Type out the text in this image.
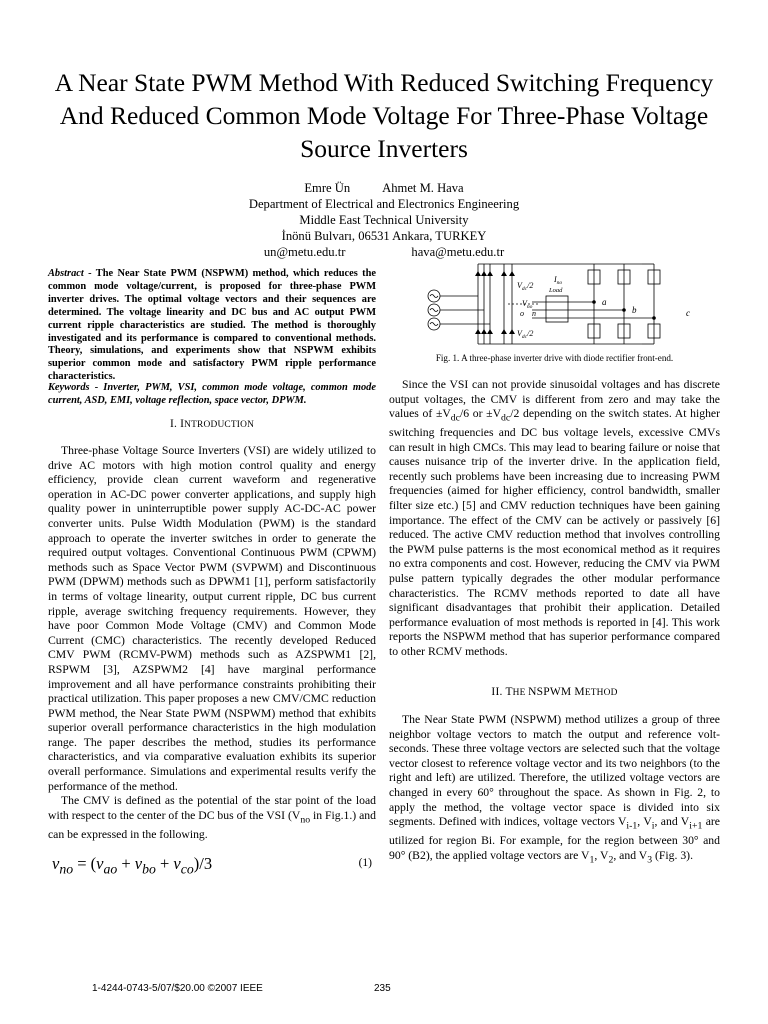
A Near State PWM Method With Reduced Switching Frequency And Reduced Common Mode Voltage For Three-Phase Voltage Source Inverters
Emre Ün	Ahmet M. Hava
Department of Electrical and Electronics Engineering
Middle East Technical University
İnönü Bulvarı, 06531 Ankara, TURKEY
un@metu.edu.tr	hava@metu.edu.tr
Abstract - The Near State PWM (NSPWM) method, which reduces the common mode voltage/current, is proposed for three-phase PWM inverter drives. The optimal voltage vectors and their sequences are determined. The voltage linearity and DC bus and AC output PWM current ripple characteristics are studied. The method is thoroughly investigated and its performance is compared to conventional methods. Theory, simulations, and experiments show that NSPWM exhibits superior common mode and satisfactory PWM ripple performance characteristics.
Keywords - Inverter, PWM, VSI, common mode voltage, common mode current, ASD, EMI, voltage reflection, space vector, DPWM.
I. INTRODUCTION

Three-phase Voltage Source Inverters (VSI) are widely utilized to drive AC motors with high motion control quality and energy efficiency, provide clean current waveform and regenerative operation in AC-DC power converter applications, and supply high quality power in uninterruptible power supply AC-DC-AC power converter units. Pulse Width Modulation (PWM) is the standard approach to operate the inverter switches in order to generate the required output voltages. Conventional Continuous PWM (CPWM) methods such as Space Vector PWM (SVPWM) and Discontinuous PWM (DPWM) methods such as DPWM1 [1], perform satisfactorily in terms of voltage linearity, output current ripple, DC bus current ripple, average switching frequency requirements. However, they have poor Common Mode Voltage (CMV) and Common Mode Current (CMC) characteristics. The recently developed Reduced CMV PWM (RCMV-PWM) methods such as AZSPWM1 [2], RSPWM [3], AZSPWM2 [4] have marginal performance improvement and all have performance constraints prohibiting their practical utilization. This paper proposes a new CMV/CMC reduction PWM method, the Near State PWM (NSPWM) method that exhibits superior overall performance characteristics in the high modulation range. The paper describes the method, studies its performance characteristics, and via comparative evaluation exhibits its superior overall performance. Simulations and experimental results verify the performance of the method.

The CMV is defined as the potential of the star point of the load with respect to the center of the DC bus of the VSI ($V_{no}$ in Fig.1.) and can be expressed in the following.

$v_{no} = (v_{ao} + v_{bo} + v_{co})/3$	(1)
$V_{dc}/2$
$V_{dc}/2$
$I_{no}$
Load
$V_{no}$
o n
a
b	c
Fig. 1. A three-phase inverter drive with diode rectifier front-end.

Since the VSI can not provide sinusoidal voltages and has discrete output voltages, the CMV is different from zero and may take the values of $\pm V_{dc}/6$ or $\pm V_{dc}/2$ depending on the switch states. At higher switching frequencies and DC bus voltage levels, excessive CMVs can result in high CMCs. This may lead to bearing failure or noise that causes nuisance trip of the inverter drive. In the application field, recently such problems have been increasing due to increasing PWM frequencies (aimed for higher efficiency, control bandwidth, smaller filter size etc.) [5] and CMV reduction techniques have been gaining importance. The effect of the CMV can be actively or passively [6] reduced. The active CMV reduction method that involves controlling the PWM pulse patterns is the most economical method as it requires no extra components and cost. However, reducing the CMV via PWM pulse pattern typically degrades the other modular performance characteristics. The RCMV methods reported to date all have significant disadvantages that prohibit their application. Detailed performance evaluation of most methods is reported in [4]. This work reports the NSPWM method that has superior performance compared to other RCMV methods.

II. THE NSPWM METHOD

The Near State PWM (NSPWM) method utilizes a group of three neighbor voltage vectors to match the output and reference volt-seconds. These three voltage vectors are selected such that the voltage vector closest to reference voltage vector and its two neighbors (to the right and left) are utilized. Therefore, the utilized voltage vectors are changed in every 60° throughout the space. As shown in Fig. 2, to apply the method, the voltage vector space is divided into six segments. Defined with indices, voltage vectors $V_{i-1}$, $V_i$, and $V_{i+1}$ are utilized for region Bi. For example, for the region between 30° and 90° (B2), the applied voltage vectors are $V_1$, $V_2$, and $V_3$ (Fig. 3).

1-4244-0743-5/07/$20.00 ©2007 IEEE	235
